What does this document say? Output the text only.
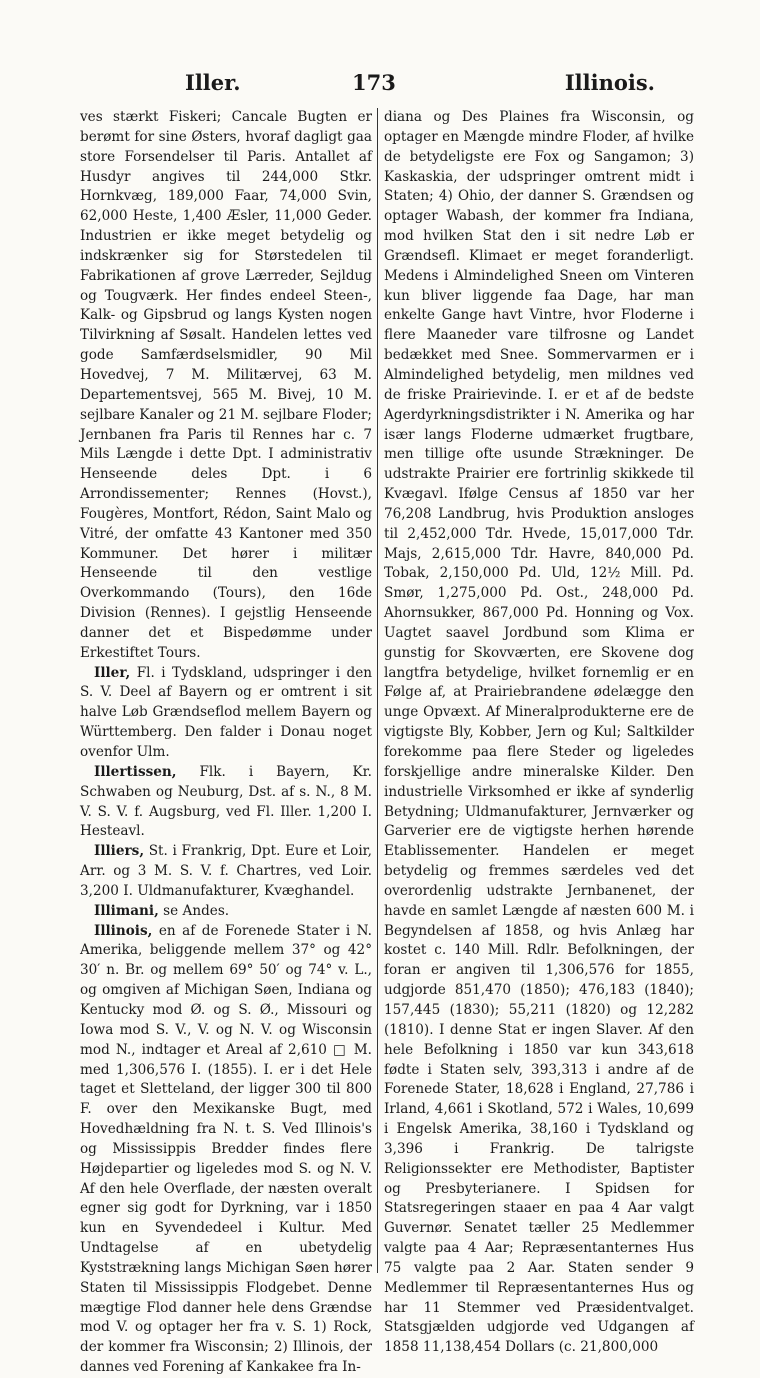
Iller.	173	Illinois.

ves stærkt Fiskeri; Cancale Bugten er berømt for sine Østers, hvoraf dagligt gaa store Forsendelser til Paris. Antallet af Husdyr angives til 244,000 Stkr. Hornkvæg, 189,000 Faar, 74,000 Svin, 62,000 Heste, 1,400 Æsler, 11,000 Geder. Industrien er ikke meget betydelig og indskrænker sig for Størstedelen til Fabrikationen af grove Lærreder, Sejldug og Tougværk. Her findes endeel Steen-, Kalk- og Gipsbrud og langs Kysten nogen Tilvirkning af Søsalt. Handelen lettes ved gode Samfærdselsmidler, 90 Mil Hovedvej, 7 M. Militærvej, 63 M. Departementsvej, 565 M. Bivej, 10 M. sejlbare Kanaler og 21 M. sejlbare Floder; Jernbanen fra Paris til Rennes har c. 7 Mils Længde i dette Dpt. I administrativ Henseende deles Dpt. i 6 Arrondissementer; Rennes (Hovst.), Fougères, Montfort, Rédon, Saint Malo og Vitré, der omfatte 43 Kantoner med 350 Kommuner. Det hører i militær Henseende til den vestlige Overkommando (Tours), den 16de Division (Rennes). I gejstlig Henseende danner det et Bispedømme under Erkestiftet Tours.

Iller, Fl. i Tydskland, udspringer i den S. V. Deel af Bayern og er omtrent i sit halve Løb Grændseflod mellem Bayern og Württemberg. Den falder i Donau noget ovenfor Ulm.

Illertissen, Flk. i Bayern, Kr. Schwaben og Neuburg, Dst. af s. N., 8 M. V. S. V. f. Augsburg, ved Fl. Iller. 1,200 I. Hesteavl.

Illiers, St. i Frankrig, Dpt. Eure et Loir, Arr. og 3 M. S. V. f. Chartres, ved Loir. 3,200 I. Uldmanufakturer, Kvæghandel.

Illimani, se Andes.

Illinois, en af de Forenede Stater i N. Amerika, beliggende mellem 37° og 42° 30′ n. Br. og mellem 69° 50′ og 74° v. L., og omgiven af Michigan Søen, Indiana og Kentucky mod Ø. og S. Ø., Missouri og Iowa mod S. V., V. og N. V. og Wisconsin mod N., indtager et Areal af 2,610 □ M. med 1,306,576 I. (1855). I. er i det Hele taget et Sletteland, der ligger 300 til 800 F. over den Mexikanske Bugt, med Hovedhældning fra N. t. S. Ved Illinois's og Mississippis Bredder findes flere Højdepartier og ligeledes mod S. og N. V. Af den hele Overflade, der næsten overalt egner sig godt for Dyrkning, var i 1850 kun en Syvendedeel i Kultur. Med Undtagelse af en ubetydelig Kyststrækning langs Michigan Søen hører Staten til Mississippis Flodgebet. Denne mægtige Flod danner hele dens Grændse mod V. og optager her fra v. S. 1) Rock, der kommer fra Wisconsin; 2) Illinois, der dannes ved Forening af Kankakee fra In-

diana og Des Plaines fra Wisconsin, og optager en Mængde mindre Floder, af hvilke de betydeligste ere Fox og Sangamon; 3) Kaskaskia, der udspringer omtrent midt i Staten; 4) Ohio, der danner S. Grændsen og optager Wabash, der kommer fra Indiana, mod hvilken Stat den i sit nedre Løb er Grændsefl. Klimaet er meget foranderligt. Medens i Almindelighed Sneen om Vinteren kun bliver liggende faa Dage, har man enkelte Gange havt Vintre, hvor Floderne i flere Maaneder vare tilfrosne og Landet bedækket med Snee. Sommervarmen er i Almindelighed betydelig, men mildnes ved de friske Prairievinde. I. er et af de bedste Agerdyrkningsdistrikter i N. Amerika og har især langs Floderne udmærket frugtbare, men tillige ofte usunde Strækninger. De udstrakte Prairier ere fortrinlig skikkede til Kvægavl. Ifølge Census af 1850 var her 76,208 Landbrug, hvis Produktion ansloges til 2,452,000 Tdr. Hvede, 15,017,000 Tdr. Majs, 2,615,000 Tdr. Havre, 840,000 Pd. Tobak, 2,150,000 Pd. Uld, 12½ Mill. Pd. Smør, 1,275,000 Pd. Ost., 248,000 Pd. Ahornsukker, 867,000 Pd. Honning og Vox. Uagtet saavel Jordbund som Klima er gunstig for Skovværten, ere Skovene dog langtfra betydelige, hvilket fornemlig er en Følge af, at Prairiebrandene ødelægge den unge Opvæxt. Af Mineralprodukterne ere de vigtigste Bly, Kobber, Jern og Kul; Saltkilder forekomme paa flere Steder og ligeledes forskjellige andre mineralske Kilder. Den industrielle Virksomhed er ikke af synderlig Betydning; Uldmanufakturer, Jernværker og Garverier ere de vigtigste herhen hørende Etablissementer. Handelen er meget betydelig og fremmes særdeles ved det overordenlig udstrakte Jernbanenet, der havde en samlet Længde af næsten 600 M. i Begyndelsen af 1858, og hvis Anlæg har kostet c. 140 Mill. Rdlr. Befolkningen, der foran er angiven til 1,306,576 for 1855, udgjorde 851,470 (1850); 476,183 (1840); 157,445 (1830); 55,211 (1820) og 12,282 (1810). I denne Stat er ingen Slaver. Af den hele Befolkning i 1850 var kun 343,618 fødte i Staten selv, 393,313 i andre af de Forenede Stater, 18,628 i England, 27,786 i Irland, 4,661 i Skotland, 572 i Wales, 10,699 i Engelsk Amerika, 38,160 i Tydskland og 3,396 i Frankrig. De talrigste Religionssekter ere Methodister, Baptister og Presbyterianere. I Spidsen for Statsregeringen staaer en paa 4 Aar valgt Guvernør. Senatet tæller 25 Medlemmer valgte paa 4 Aar; Repræsentanternes Hus 75 valgte paa 2 Aar. Staten sender 9 Medlemmer til Repræsentanternes Hus og har 11 Stemmer ved Præsidentvalget. Statsgjælden udgjorde ved Udgangen af 1858 11,138,454 Dollars (c. 21,800,000
